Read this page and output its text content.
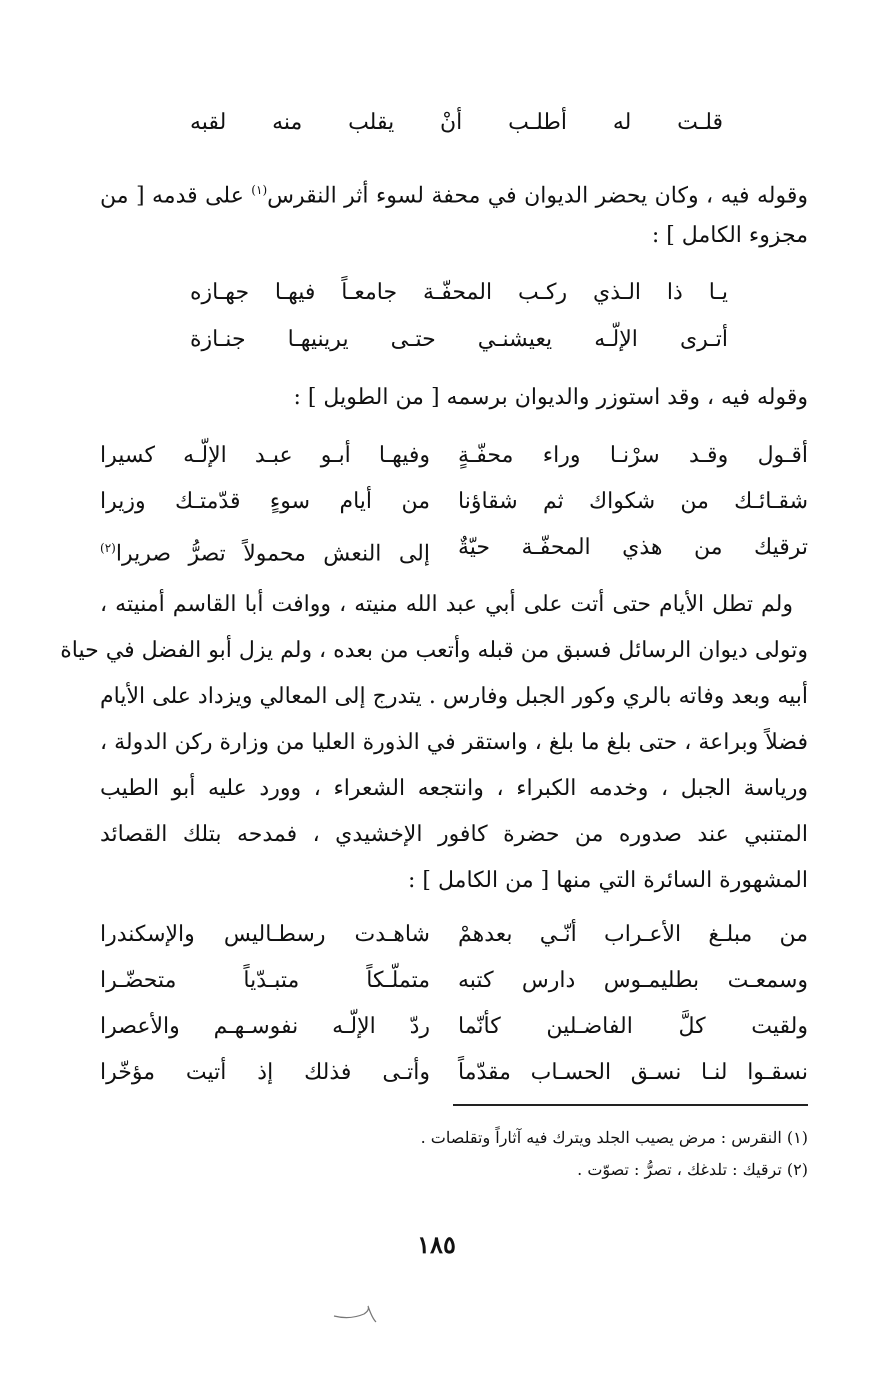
قلـت له أطلـب أنْ يقلب منه لقبه
وقوله فيه ، وكان يحضر الديوان في محفة لسوء أثر النقرس$^{(١)}$ على قدمه [ من
مجزوء الكامل ] :
يـا ذا الـذي ركـب المحفّـة جامعـاً فيهـا جهـازه
أتـرى الإلّـه يعيشنـي حتـى يرينيهـا جنـازة
وقوله فيه ، وقد استوزر والديوان برسمه [ من الطويل ] :
أقـول وقـد سرْنـا وراء محفّـةٍ
وفيهـا أبـو عبـد الإلّـه كسيرا
شقـائـك من شكواك ثم شقاؤنا
من أيام سوءٍ قدّمتـك وزيرا
ترقيك من هذي المحفّـة حيّةٌ
إلى النعش محمولاً تصرُّ صريرا$^{(٢)}$
ولم تطل الأيام حتى أتت على أبي عبد الله منيته ، ووافت أبا القاسم أمنيته ،
وتولى ديوان الرسائل فسبق من قبله وأتعب من بعده ، ولم يزل أبو الفضل في حياة
أبيه وبعد وفاته بالري وكور الجبل وفارس . يتدرج إلى المعالي ويزداد على الأيام
فضلاً وبراعة ، حتى بلغ ما بلغ ، واستقر في الذورة العليا من وزارة ركن الدولة ،
ورياسة الجبل ، وخدمه الكبراء ، وانتجعه الشعراء ، وورد عليه أبو الطيب
المتنبي عند صدوره من حضرة كافور الإخشيدي ، فمدحه بتلك القصائد
المشهورة السائرة التي منها [ من الكامل ] :
من مبلـغ الأعـراب أنّـي بعدهمْ
شاهـدت رسطـاليس والإسكندرا
وسمعـت بطليمـوس دارس كتبه
متملّـكاً متبـدّياً متحضّـرا
ولقيت كلَّ الفاضـلين كأنّما
ردّ الإلّـه نفوسـهـم والأعصرا
نسقـوا لنـا نسـق الحسـاب مقدّماً
وأتـى فذلك إذ أتيت مؤخّرا
(١) النقرس : مرض يصيب الجلد ويترك فيه آثاراً وتقلصات .
(٢) ترقيك : تلدغك ، تصرُّ : تصوّت .
١٨٥
